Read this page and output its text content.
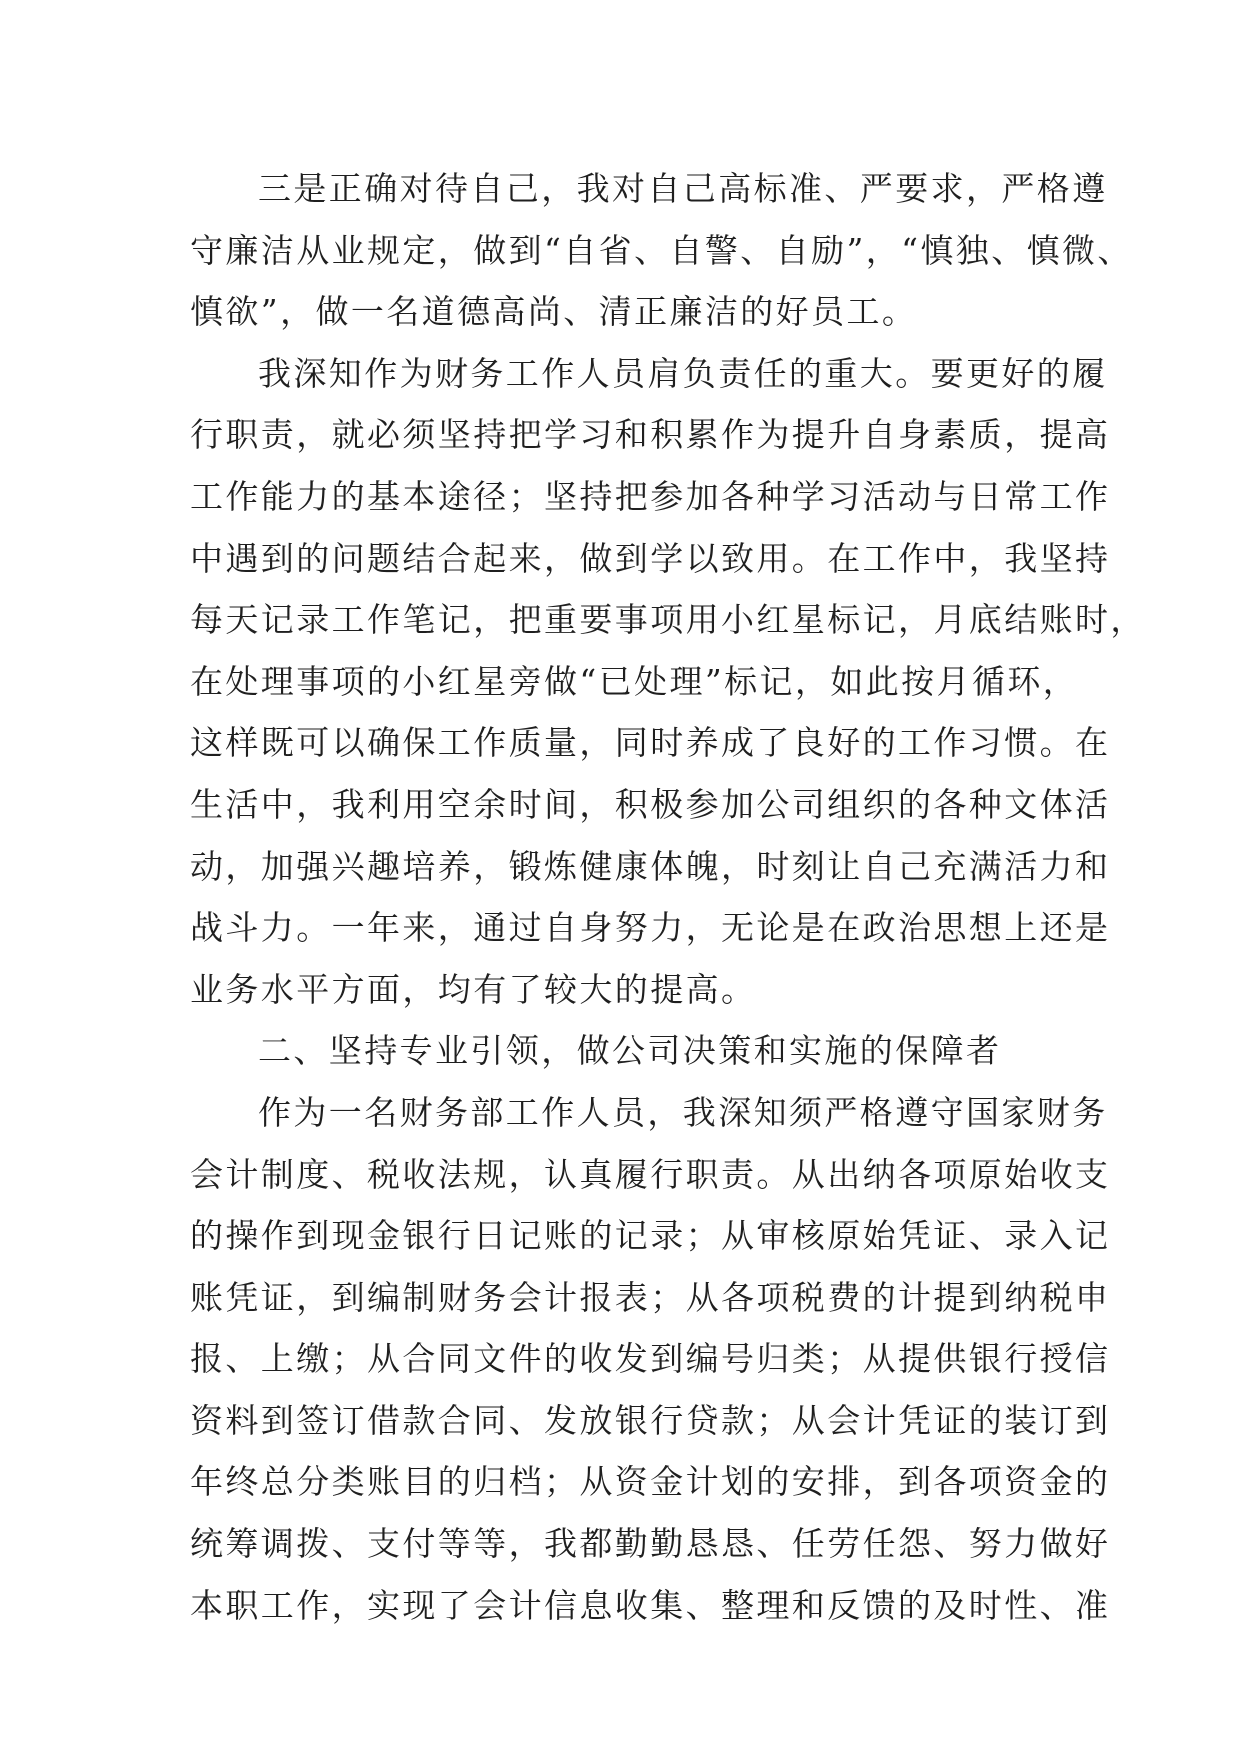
三是正确对待自己，我对自己高标准、严要求，严格遵
守廉洁从业规定，做到“自省、自警、自励”，“慎独、慎微、
慎欲”，做一名道德高尚、清正廉洁的好员工。
我深知作为财务工作人员肩负责任的重大。要更好的履
行职责，就必须坚持把学习和积累作为提升自身素质，提高
工作能力的基本途径；坚持把参加各种学习活动与日常工作
中遇到的问题结合起来，做到学以致用。在工作中，我坚持
每天记录工作笔记，把重要事项用小红星标记，月底结账时，
在处理事项的小红星旁做“已处理”标记，如此按月循环，
这样既可以确保工作质量，同时养成了良好的工作习惯。在
生活中，我利用空余时间，积极参加公司组织的各种文体活
动，加强兴趣培养，锻炼健康体魄，时刻让自己充满活力和
战斗力。一年来，通过自身努力，无论是在政治思想上还是
业务水平方面，均有了较大的提高。
二、坚持专业引领，做公司决策和实施的保障者
作为一名财务部工作人员，我深知须严格遵守国家财务
会计制度、税收法规，认真履行职责。从出纳各项原始收支
的操作到现金银行日记账的记录；从审核原始凭证、录入记
账凭证，到编制财务会计报表；从各项税费的计提到纳税申
报、上缴；从合同文件的收发到编号归类；从提供银行授信
资料到签订借款合同、发放银行贷款；从会计凭证的装订到
年终总分类账目的归档；从资金计划的安排，到各项资金的
统筹调拨、支付等等，我都勤勤恳恳、任劳任怨、努力做好
本职工作，实现了会计信息收集、整理和反馈的及时性、准
